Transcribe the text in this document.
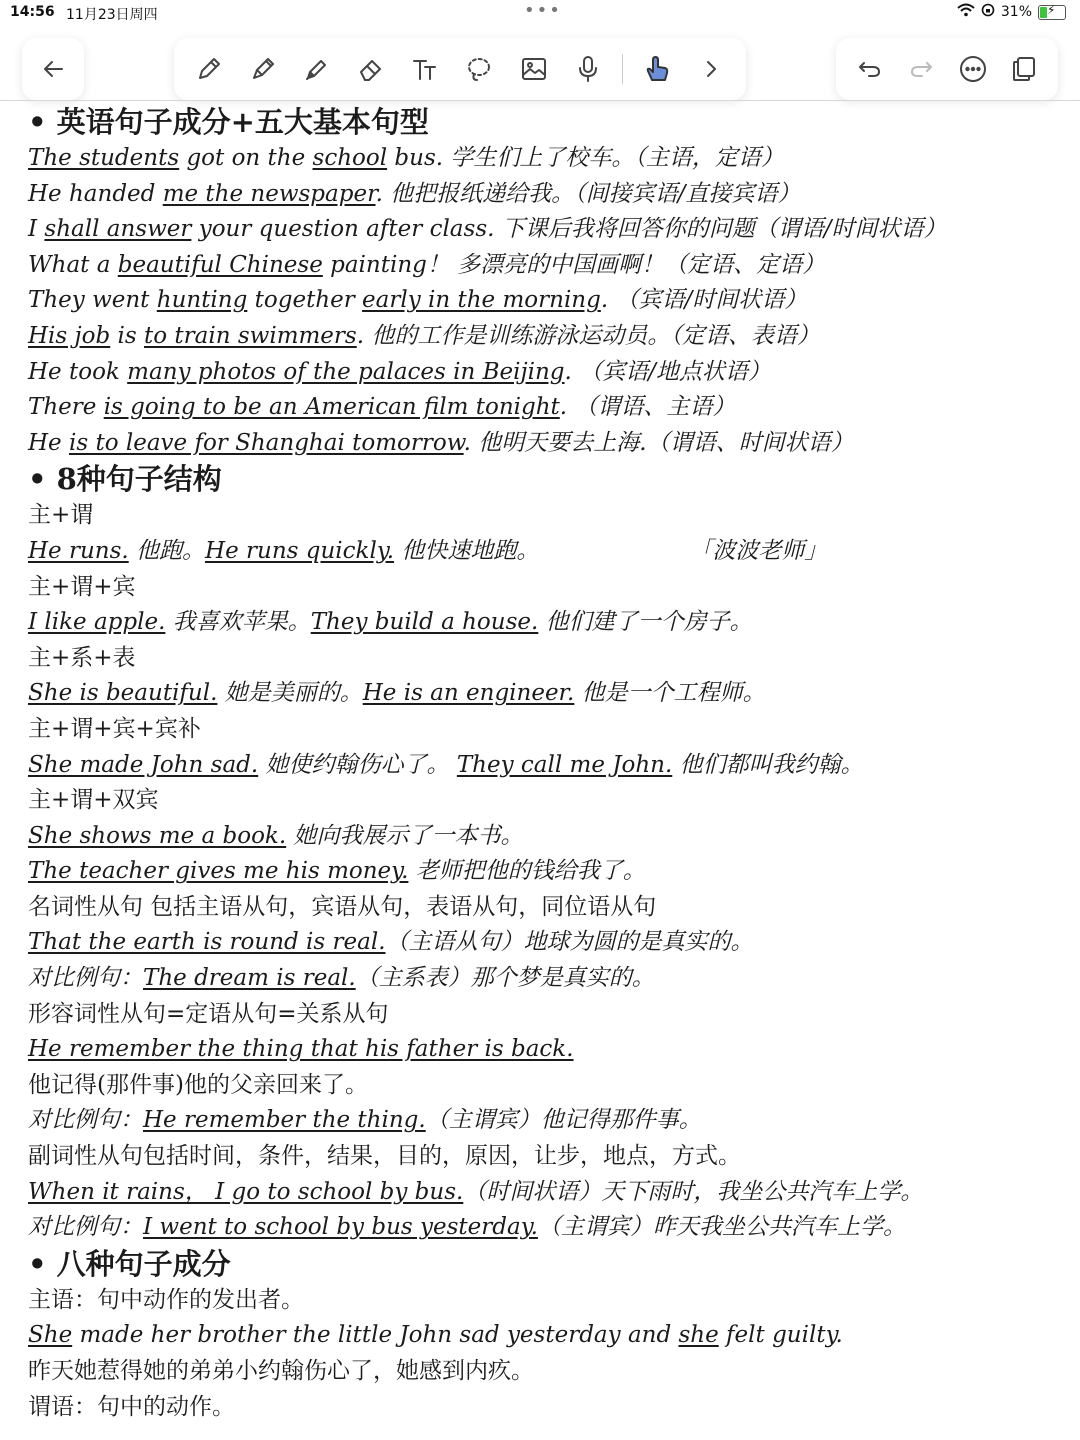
14:56 11月23日周四	•••	31% ⚡
• 英语句子成分+五大基本句型
The students got on the school bus. 学生们上了校车。（主语，定语）
He handed me the newspaper. 他把报纸递给我。（间接宾语/直接宾语）
I shall answer your question after class. 下课后我将回答你的问题（谓语/时间状语）
What a beautiful Chinese painting！ 多漂亮的中国画啊！（定语、定语）
They went hunting together early in the morning. （宾语/时间状语）
His job is to train swimmers. 他的工作是训练游泳运动员。（定语、表语）
He took many photos of the palaces in Beijing. （宾语/地点状语）
There is going to be an American film tonight. （谓语、主语）
He is to leave for Shanghai tomorrow. 他明天要去上海.（谓语、时间状语）
• 8种句子结构
主+谓
He runs. 他跑。He runs quickly. 他快速地跑。	「波波老师」
主+谓+宾
I like apple. 我喜欢苹果。They build a house. 他们建了一个房子。
主+系+表
She is beautiful. 她是美丽的。He is an engineer. 他是一个工程师。
主+谓+宾+宾补
She made John sad. 她使约翰伤心了。 They call me John. 他们都叫我约翰。
主+谓+双宾
She shows me a book. 她向我展示了一本书。
The teacher gives me his money. 老师把他的钱给我了。
名词性从句 包括主语从句，宾语从句，表语从句，同位语从句
That the earth is round is real.（主语从句）地球为圆的是真实的。
对比例句：The dream is real.（主系表）那个梦是真实的。
形容词性从句=定语从句=关系从句
He remember the thing that his father is back.
他记得(那件事)他的父亲回来了。
对比例句：He remember the thing.（主谓宾）他记得那件事。
副词性从句包括时间，条件，结果，目的，原因，让步，地点，方式。
When it rains， I go to school by bus.（时间状语）天下雨时，我坐公共汽车上学。
对比例句：I went to school by bus yesterday.（主谓宾）昨天我坐公共汽车上学。
• 八种句子成分
主语：句中动作的发出者。
She made her brother the little John sad yesterday and she felt guilty.
昨天她惹得她的弟弟小约翰伤心了，她感到内疚。
谓语：句中的动作。
